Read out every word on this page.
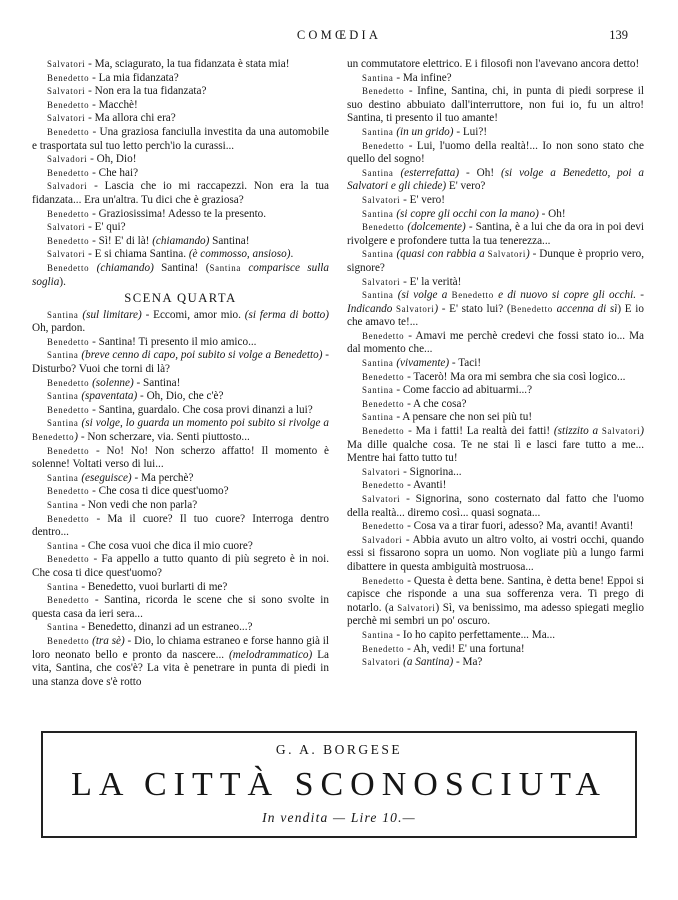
COMŒDIA	139

Salvatori - Ma, sciagurato, la tua fidanzata è stata mia!

Benedetto - La mia fidanzata?

Salvatori - Non era la tua fidanzata?

Benedetto - Macchè!

Salvatori - Ma allora chi era?

Benedetto - Una graziosa fanciulla investita da una automobile e trasportata sul tuo letto perch'io la curassi...

Salvadori - Oh, Dio!

Benedetto - Che hai?

Salvadori - Lascia che io mi raccapezzi. Non era la tua fidanzata... Era un'altra. Tu dici che è graziosa?

Benedetto - Graziosissima! Adesso te la presento.

Salvatori - E' qui?

Benedetto - Sì! E' di là! (chiamando) Santina!

Salvatori - E si chiama Santina. (è commosso, ansioso).

Benedetto (chiamando) Santina! (Santina comparisce sulla soglia).

SCENA QUARTA

Santina (sul limitare) - Eccomi, amor mio. (si ferma di botto) Oh, pardon.

Benedetto - Santina! Ti presento il mio amico...

Santina (breve cenno di capo, poi subito si volge a Benedetto) - Disturbo? Vuoi che torni di là?

Benedetto (solenne) - Santina!

Santina (spaventata) - Oh, Dio, che c'è?

Benedetto - Santina, guardalo. Che cosa provi dinanzi a lui?

Santina (si volge, lo guarda un momento poi subito si rivolge a Benedetto) - Non scherzare, via. Senti piuttosto...

Benedetto - No! No! Non scherzo affatto! Il momento è solenne! Voltati verso di lui...

Santina (eseguisce) - Ma perchè?

Benedetto - Che cosa ti dice quest'uomo?

Santina - Non vedi che non parla?

Benedetto - Ma il cuore? Il tuo cuore? Interroga dentro dentro...

Santina - Che cosa vuoi che dica il mio cuore?

Benedetto - Fa appello a tutto quanto di più segreto è in noi. Che cosa ti dice quest'uomo?

Santina - Benedetto, vuoi burlarti di me?

Benedetto - Santina, ricorda le scene che si sono svolte in questa casa da ieri sera...

Santina - Benedetto, dinanzi ad un estraneo...?

Benedetto (tra sè) - Dio, lo chiama estraneo e forse hanno già il loro neonato bello e pronto da nascere... (melodrammatico) La vita, Santina, che cos'è? La vita è penetrare in punta di piedi in una stanza dove s'è rotto

un commutatore elettrico. E i filosofi non l'avevano ancora detto!

Santina - Ma infine?

Benedetto - Infine, Santina, chi, in punta di piedi sorprese il suo destino abbuiato dall'interruttore, non fui io, fu un altro! Santina, ti presento il tuo amante!

Santina (in un grido) - Lui?!

Benedetto - Lui, l'uomo della realtà!... Io non sono stato che quello del sogno!

Santina (esterrefatta) - Oh! (si volge a Benedetto, poi a Salvatori e gli chiede) E' vero?

Salvatori - E' vero!

Santina (si copre gli occhi con la mano) - Oh!

Benedetto (dolcemente) - Santina, è a lui che da ora in poi devi rivolgere e profondere tutta la tua tenerezza...

Santina (quasi con rabbia a Salvatori) - Dunque è proprio vero, signore?

Salvatori - E' la verità!

Santina (si volge a Benedetto e di nuovo si copre gli occhi. - Indicando Salvatori) - E' stato lui? (Benedetto accenna di sì) E io che amavo te!...

Benedetto - Amavi me perchè credevi che fossi stato io... Ma dal momento che...

Santina (vivamente) - Taci!

Benedetto - Tacerò! Ma ora mi sembra che sia così logico...

Santina - Come faccio ad abituarmi...?

Benedetto - A che cosa?

Santina - A pensare che non sei più tu!

Benedetto - Ma i fatti! La realtà dei fatti! (stizzito a Salvatori) Ma dille qualche cosa. Te ne stai lì e lasci fare tutto a me... Mentre hai fatto tutto tu!

Salvatori - Signorina...

Benedetto - Avanti!

Salvatori - Signorina, sono costernato dal fatto che l'uomo della realtà... diremo così... quasi sognata...

Benedetto - Cosa va a tirar fuori, adesso? Ma, avanti! Avanti!

Salvadori - Abbia avuto un altro volto, ai vostri occhi, quando essi si fissarono sopra un uomo. Non vogliate più a lungo farmi dibattere in questa ambiguità mostruosa...

Benedetto - Questa è detta bene. Santina, è detta bene! Eppoi si capisce che risponde a una sua sofferenza vera. Ti prego di notarlo. (a Salvatori) Sì, va benissimo, ma adesso spiegati meglio perchè mi sembri un po' oscuro.

Santina - Io ho capito perfettamente... Ma...

Benedetto - Ah, vedi! E' una fortuna!

Salvatori (a Santina) - Ma?

G. A. BORGESE
LA CITTÀ SCONOSCIUTA
In vendita — Lire 10.—
